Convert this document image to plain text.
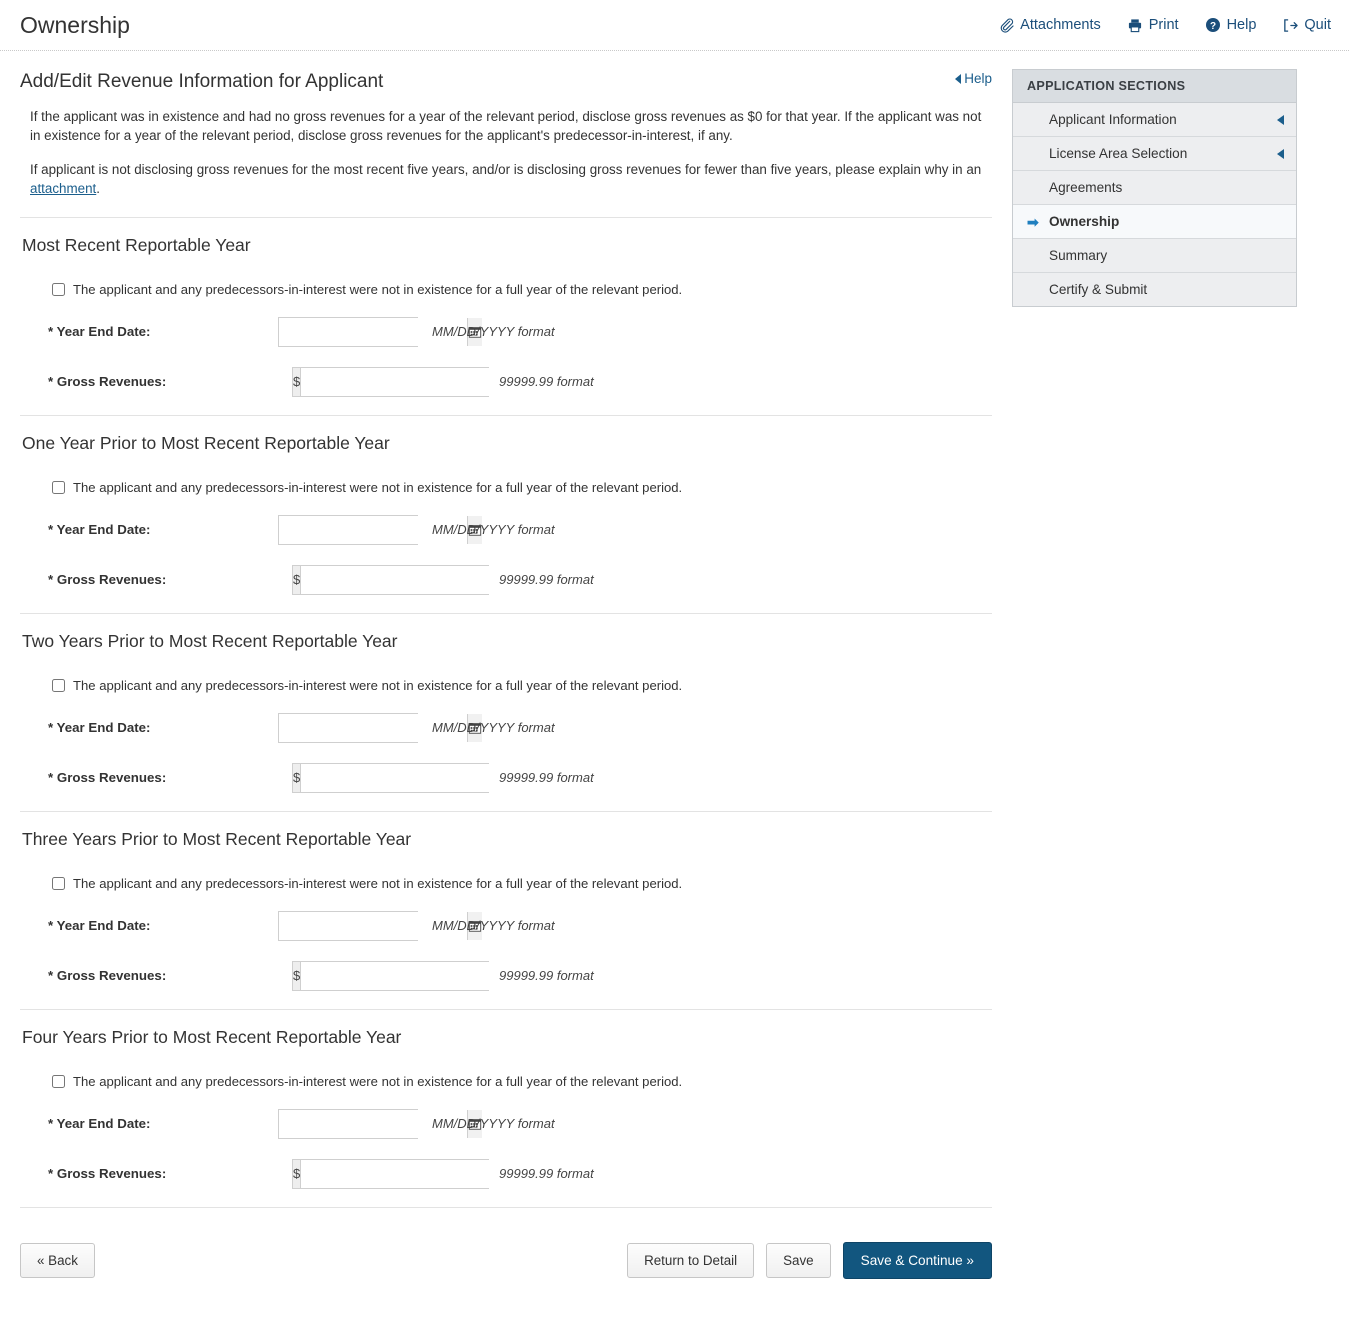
Ownership	Attachments	Print	? Help	Quit
Add/Edit Revenue Information for Applicant	Help

If the applicant was in existence and had no gross revenues for a year of the relevant period, disclose gross revenues as $0 for that year. If the applicant was not in existence for a year of the relevant period, disclose gross revenues for the applicant's predecessor-in-interest, if any.

If applicant is not disclosing gross revenues for the most recent five years, and/or is disclosing gross revenues for fewer than five years, please explain why in an attachment.

Most Recent Reportable Year
The applicant and any predecessors-in-interest were not in existence for a full year of the relevant period.
* Year End Date:	MM/DD/YYYY format
* Gross Revenues:	$	99999.99 format
One Year Prior to Most Recent Reportable Year
The applicant and any predecessors-in-interest were not in existence for a full year of the relevant period.
* Year End Date:	MM/DD/YYYY format
* Gross Revenues:	$	99999.99 format
Two Years Prior to Most Recent Reportable Year
The applicant and any predecessors-in-interest were not in existence for a full year of the relevant period.
* Year End Date:	MM/DD/YYYY format
* Gross Revenues:	$	99999.99 format
Three Years Prior to Most Recent Reportable Year
The applicant and any predecessors-in-interest were not in existence for a full year of the relevant period.
* Year End Date:	MM/DD/YYYY format
* Gross Revenues:	$	99999.99 format
Four Years Prior to Most Recent Reportable Year
The applicant and any predecessors-in-interest were not in existence for a full year of the relevant period.
* Year End Date:	MM/DD/YYYY format
* Gross Revenues:	$	99999.99 format
« Back	Return to Detail	Save	Save & Continue »
APPLICATION SECTIONS
Applicant Information
License Area Selection
Agreements
➡ Ownership
Summary
Certify & Submit
